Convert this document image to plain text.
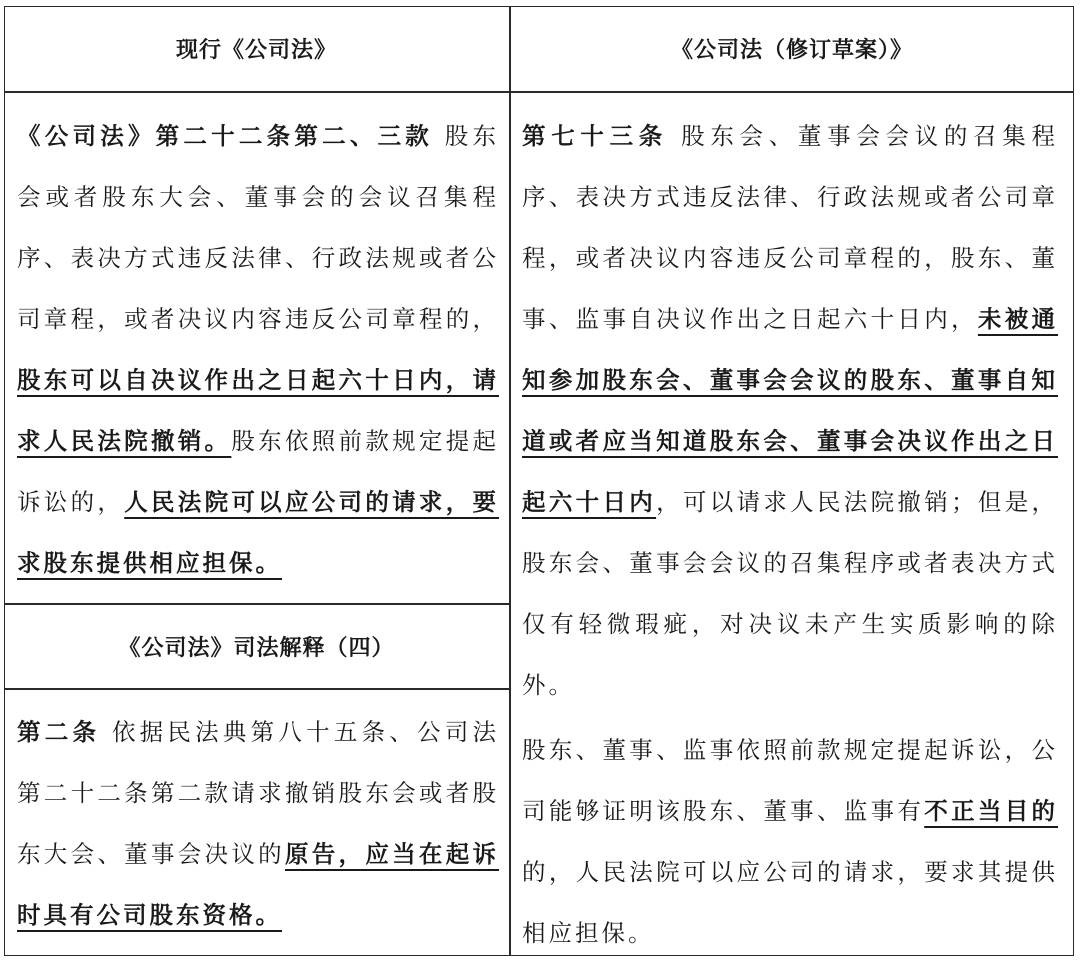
现行《公司法》	《公司法（修订草案）》
《公司法》第二十二条第二、三款 股东会或者股东大会、董事会的会议召集程序、表决方式违反法律、行政法规或者公司章程，或者决议内容违反公司章程的，股东可以自决议作出之日起六十日内，请求人民法院撤销。股东依照前款规定提起诉讼的，人民法院可以应公司的请求，要求股东提供相应担保。
《公司法》司法解释（四）
第二条 依据民法典第八十五条、公司法第二十二条第二款请求撤销股东会或者股东大会、董事会决议的原告，应当在起诉时具有公司股东资格。
第七十三条 股东会、董事会会议的召集程序、表决方式违反法律、行政法规或者公司章程，或者决议内容违反公司章程的，股东、董事、监事自决议作出之日起六十日内，未被通知参加股东会、董事会会议的股东、董事自知道或者应当知道股东会、董事会决议作出之日起六十日内，可以请求人民法院撤销；但是，股东会、董事会会议的召集程序或者表决方式仅有轻微瑕疵，对决议未产生实质影响的除外。
股东、董事、监事依照前款规定提起诉讼，公司能够证明该股东、董事、监事有不正当目的的，人民法院可以应公司的请求，要求其提供相应担保。
